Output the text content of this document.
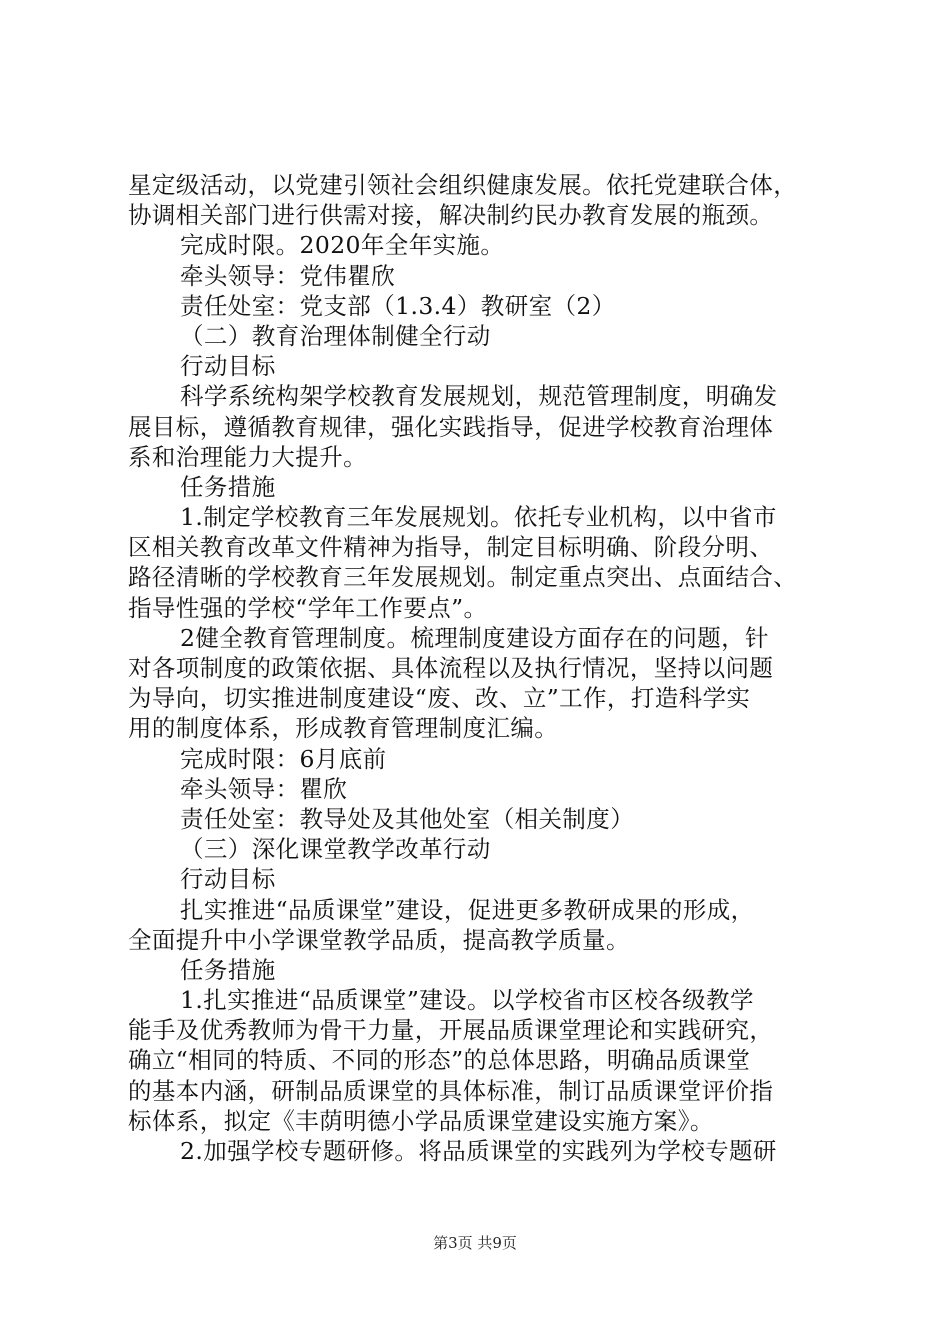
星定级活动，以党建引领社会组织健康发展。依托党建联合体，
协调相关部门进行供需对接，解决制约民办教育发展的瓶颈。
完成时限。2020年全年实施。
牵头领导：党伟瞿欣
责任处室：党支部（1.3.4）教研室（2）
（二）教育治理体制健全行动
行动目标
科学系统构架学校教育发展规划，规范管理制度，明确发
展目标，遵循教育规律，强化实践指导，促进学校教育治理体
系和治理能力大提升。
任务措施
1.制定学校教育三年发展规划。依托专业机构，以中省市
区相关教育改革文件精神为指导，制定目标明确、阶段分明、
路径清晰的学校教育三年发展规划。制定重点突出、点面结合、
指导性强的学校“学年工作要点”。
2健全教育管理制度。梳理制度建设方面存在的问题，针
对各项制度的政策依据、具体流程以及执行情况，坚持以问题
为导向，切实推进制度建设“废、改、立”工作，打造科学实
用的制度体系，形成教育管理制度汇编。
完成时限：6月底前
牵头领导：瞿欣
责任处室：教导处及其他处室（相关制度）
（三）深化课堂教学改革行动
行动目标
扎实推进“品质课堂”建设，促进更多教研成果的形成，
全面提升中小学课堂教学品质，提高教学质量。
任务措施
1.扎实推进“品质课堂”建设。以学校省市区校各级教学
能手及优秀教师为骨干力量，开展品质课堂理论和实践研究，
确立“相同的特质、不同的形态”的总体思路，明确品质课堂
的基本内涵，研制品质课堂的具体标准，制订品质课堂评价指
标体系，拟定《丰荫明德小学品质课堂建设实施方案》。
2.加强学校专题研修。将品质课堂的实践列为学校专题研
第3页 共9页
